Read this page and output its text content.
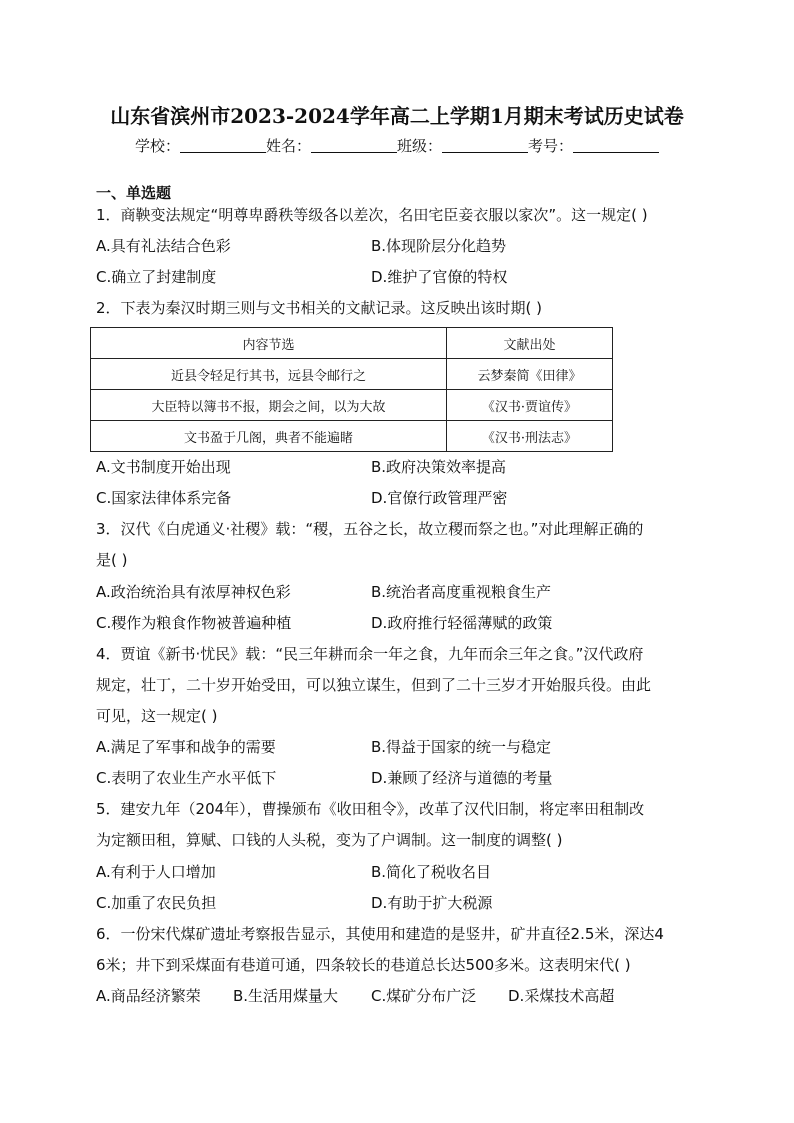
山东省滨州市2023-2024学年高二上学期1月期末考试历史试卷
学校：	姓名：	班级：	考号：
一、单选题
1．商鞅变法规定“明尊卑爵秩等级各以差次，名田宅臣妾衣服以家次”。这一规定( )
A.具有礼法结合色彩	B.体现阶层分化趋势
C.确立了封建制度	D.维护了官僚的特权
2．下表为秦汉时期三则与文书相关的文献记录。这反映出该时期( )
内容节选	文献出处
近县令轻足行其书，远县令邮行之	云梦秦简《田律》
大臣特以簿书不报，期会之间，以为大故	《汉书·贾谊传》
文书盈于几阁，典者不能遍睹	《汉书·刑法志》
A.文书制度开始出现	B.政府决策效率提高
C.国家法律体系完备	D.官僚行政管理严密
3．汉代《白虎通义·社稷》载：“稷，五谷之长，故立稷而祭之也。”对此理解正确的
是( )
A.政治统治具有浓厚神权色彩	B.统治者高度重视粮食生产
C.稷作为粮食作物被普遍种植	D.政府推行轻徭薄赋的政策
4．贾谊《新书·忧民》载：“民三年耕而余一年之食，九年而余三年之食。”汉代政府
规定，壮丁，二十岁开始受田，可以独立谋生，但到了二十三岁才开始服兵役。由此
可见，这一规定( )
A.满足了军事和战争的需要	B.得益于国家的统一与稳定
C.表明了农业生产水平低下	D.兼顾了经济与道德的考量
5．建安九年（204年），曹操颁布《收田租令》，改革了汉代旧制，将定率田租制改
为定额田租，算赋、口钱的人头税，变为了户调制。这一制度的调整( )
A.有利于人口增加	B.简化了税收名目
C.加重了农民负担	D.有助于扩大税源
6．一份宋代煤矿遗址考察报告显示，其使用和建造的是竖井，矿井直径2.5米，深达4
6米；井下到采煤面有巷道可通，四条较长的巷道总长达500多米。这表明宋代( )
A.商品经济繁荣 B.生活用煤量大 C.煤矿分布广泛 D.采煤技术高超
